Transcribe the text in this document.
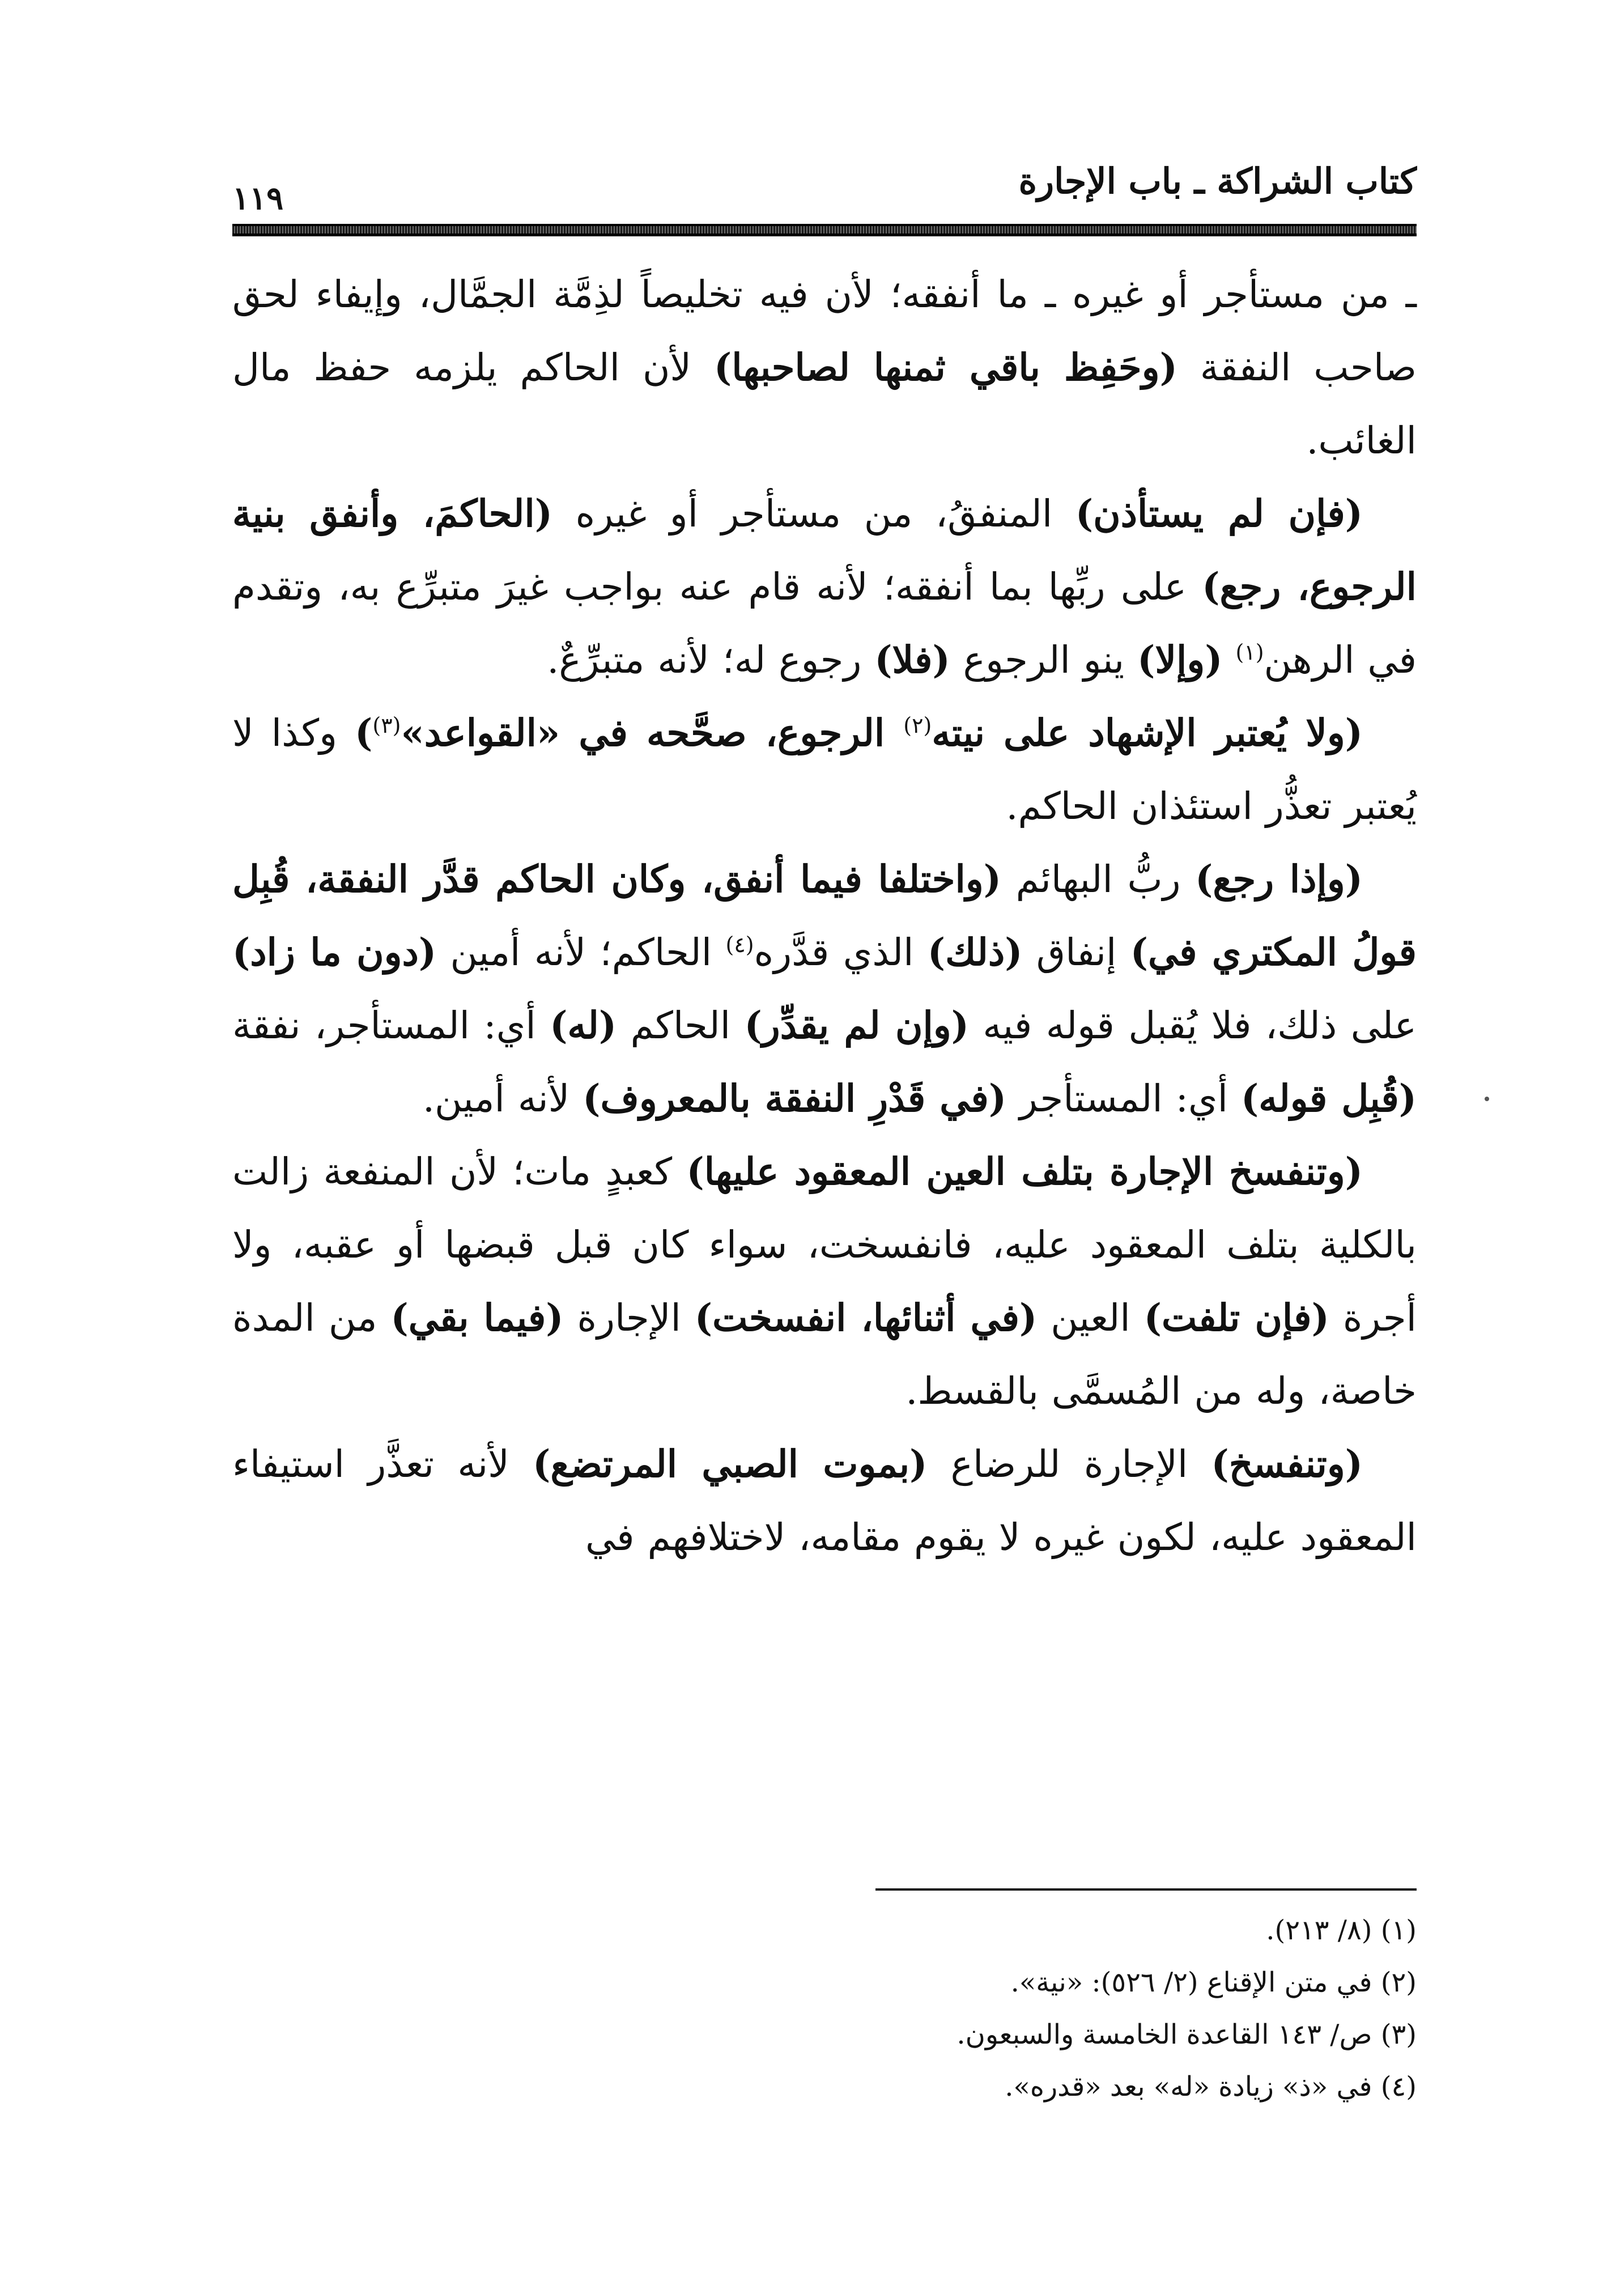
كتاب الشراكة ـ باب الإجارة
١١٩

ـ من مستأجر أو غيره ـ ما أنفقه؛ لأن فيه تخليصاً لذِمَّة الجمَّال، وإيفاء لحق صاحب النفقة (وحَفِظ باقي ثمنها لصاحبها) لأن الحاكم يلزمه حفظ مال الغائب.

(فإن لم يستأذن) المنفقُ، من مستأجر أو غيره (الحاكمَ، وأنفق بنية الرجوع، رجع) على ربِّها بما أنفقه؛ لأنه قام عنه بواجب غيرَ متبرِّع به، وتقدم في الرهن$^{(١)}$ (وإلا) ينو الرجوع (فلا) رجوع له؛ لأنه متبرِّعٌ.

(ولا يُعتبر الإشهاد على نيته$^{(٢)}$ الرجوع، صحَّحه في «القواعد»$^{(٣)}$) وكذا لا يُعتبر تعذُّر استئذان الحاكم.

(وإذا رجع) ربُّ البهائم (واختلفا فيما أنفق، وكان الحاكم قدَّر النفقة، قُبِل قولُ المكتري في) إنفاق (ذلك) الذي قدَّره$^{(٤)}$ الحاكم؛ لأنه أمين (دون ما زاد) على ذلك، فلا يُقبل قوله فيه (وإن لم يقدِّر) الحاكم (له) أي: المستأجر، نفقة (قُبِل قوله) أي: المستأجر (في قَدْرِ النفقة بالمعروف) لأنه أمين.

(وتنفسخ الإجارة بتلف العين المعقود عليها) كعبدٍ مات؛ لأن المنفعة زالت بالكلية بتلف المعقود عليه، فانفسخت، سواء كان قبل قبضها أو عقبه، ولا أجرة (فإن تلفت) العين (في أثنائها، انفسخت) الإجارة (فيما بقي) من المدة خاصة، وله من المُسمَّى بالقسط.

(وتنفسخ) الإجارة للرضاع (بموت الصبي المرتضع) لأنه تعذَّر استيفاء المعقود عليه، لكون غيره لا يقوم مقامه، لاختلافهم في

(١) (٨/ ٢١٣).
(٢) في متن الإقناع (٢/ ٥٢٦): «نية».
(٣) ص/ ١٤٣ القاعدة الخامسة والسبعون.
(٤) في «ذ» زيادة «له» بعد «قدره».
